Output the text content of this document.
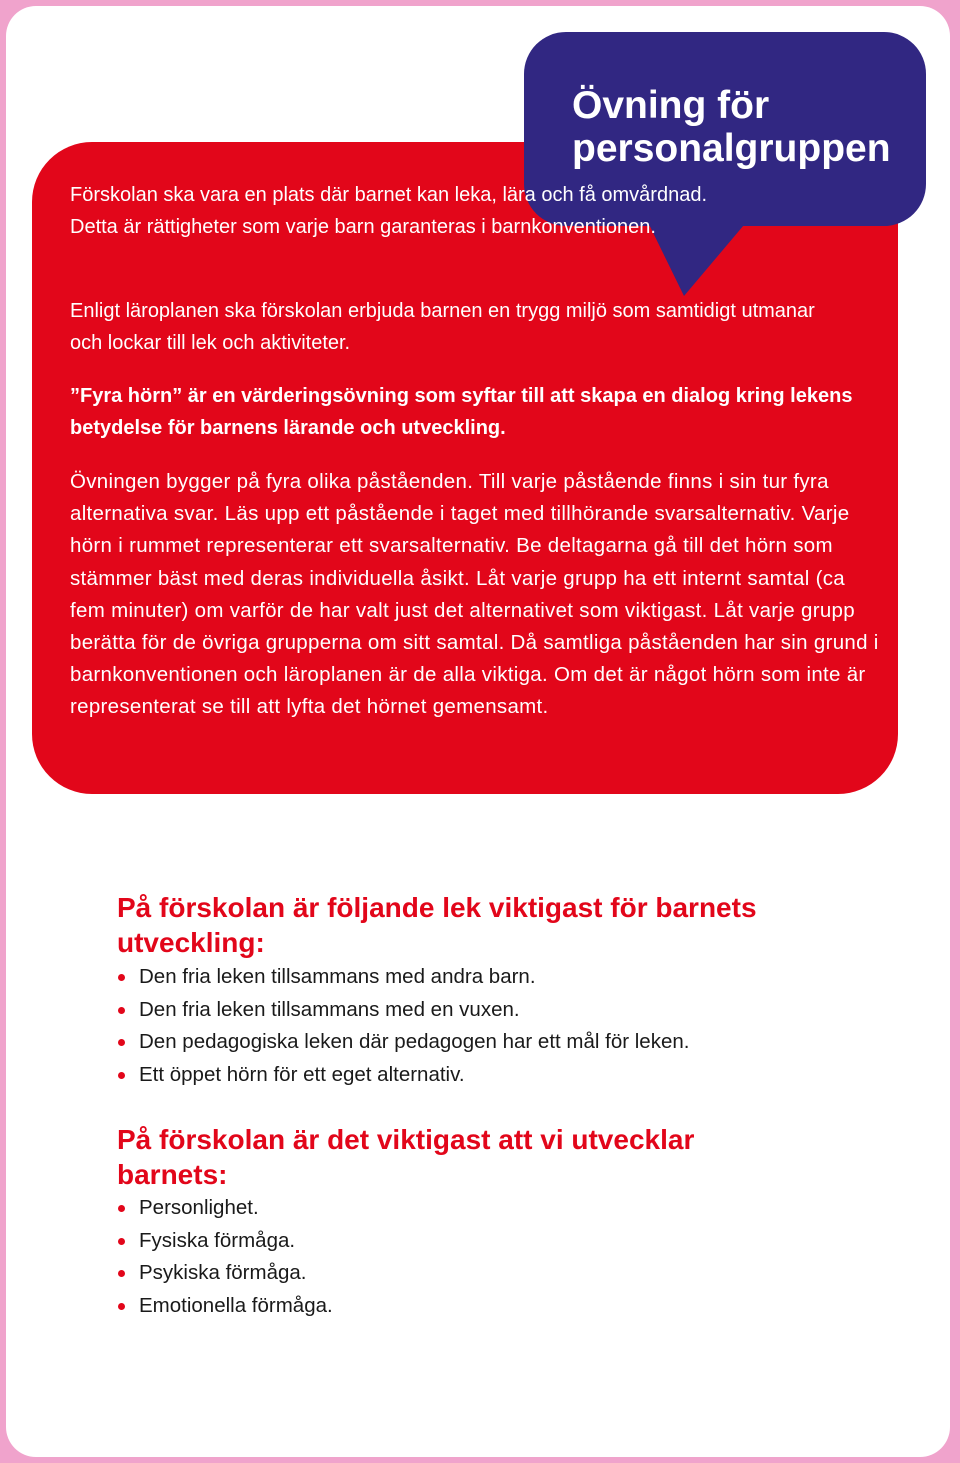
Övning för
personalgruppen

Förskolan ska vara en plats där barnet kan leka, lära och få omvårdnad. Detta är rättigheter som varje barn garanteras i barnkonventionen.

Enligt läroplanen ska förskolan erbjuda barnen en trygg miljö som samtidigt utmanar och lockar till lek och aktiviteter.

”Fyra hörn” är en värderingsövning som syftar till att skapa en dialog kring lekens betydelse för barnens lärande och utveckling.

Övningen bygger på fyra olika påståenden. Till varje påstående finns i sin tur fyra alternativa svar. Läs upp ett påstående i taget med tillhörande svarsalternativ. Varje hörn i rummet representerar ett svarsalternativ. Be deltagarna gå till det hörn som stämmer bäst med deras individuella åsikt. Låt varje grupp ha ett internt samtal (ca fem minuter) om varför de har valt just det alternativet som viktigast. Låt varje grupp berätta för de övriga grupperna om sitt samtal. Då samtliga påståenden har sin grund i barnkonventionen och läroplanen är de alla viktiga. Om det är något hörn som inte är representerat se till att lyfta det hörnet gemensamt.

På förskolan är följande lek viktigast för barnets utveckling:
Den fria leken tillsammans med andra barn.
Den fria leken tillsammans med en vuxen.
Den pedagogiska leken där pedagogen har ett mål för leken.
Ett öppet hörn för ett eget alternativ.
På förskolan är det viktigast att vi utvecklar barnets:
Personlighet.
Fysiska förmåga.
Psykiska förmåga.
Emotionella förmåga.
